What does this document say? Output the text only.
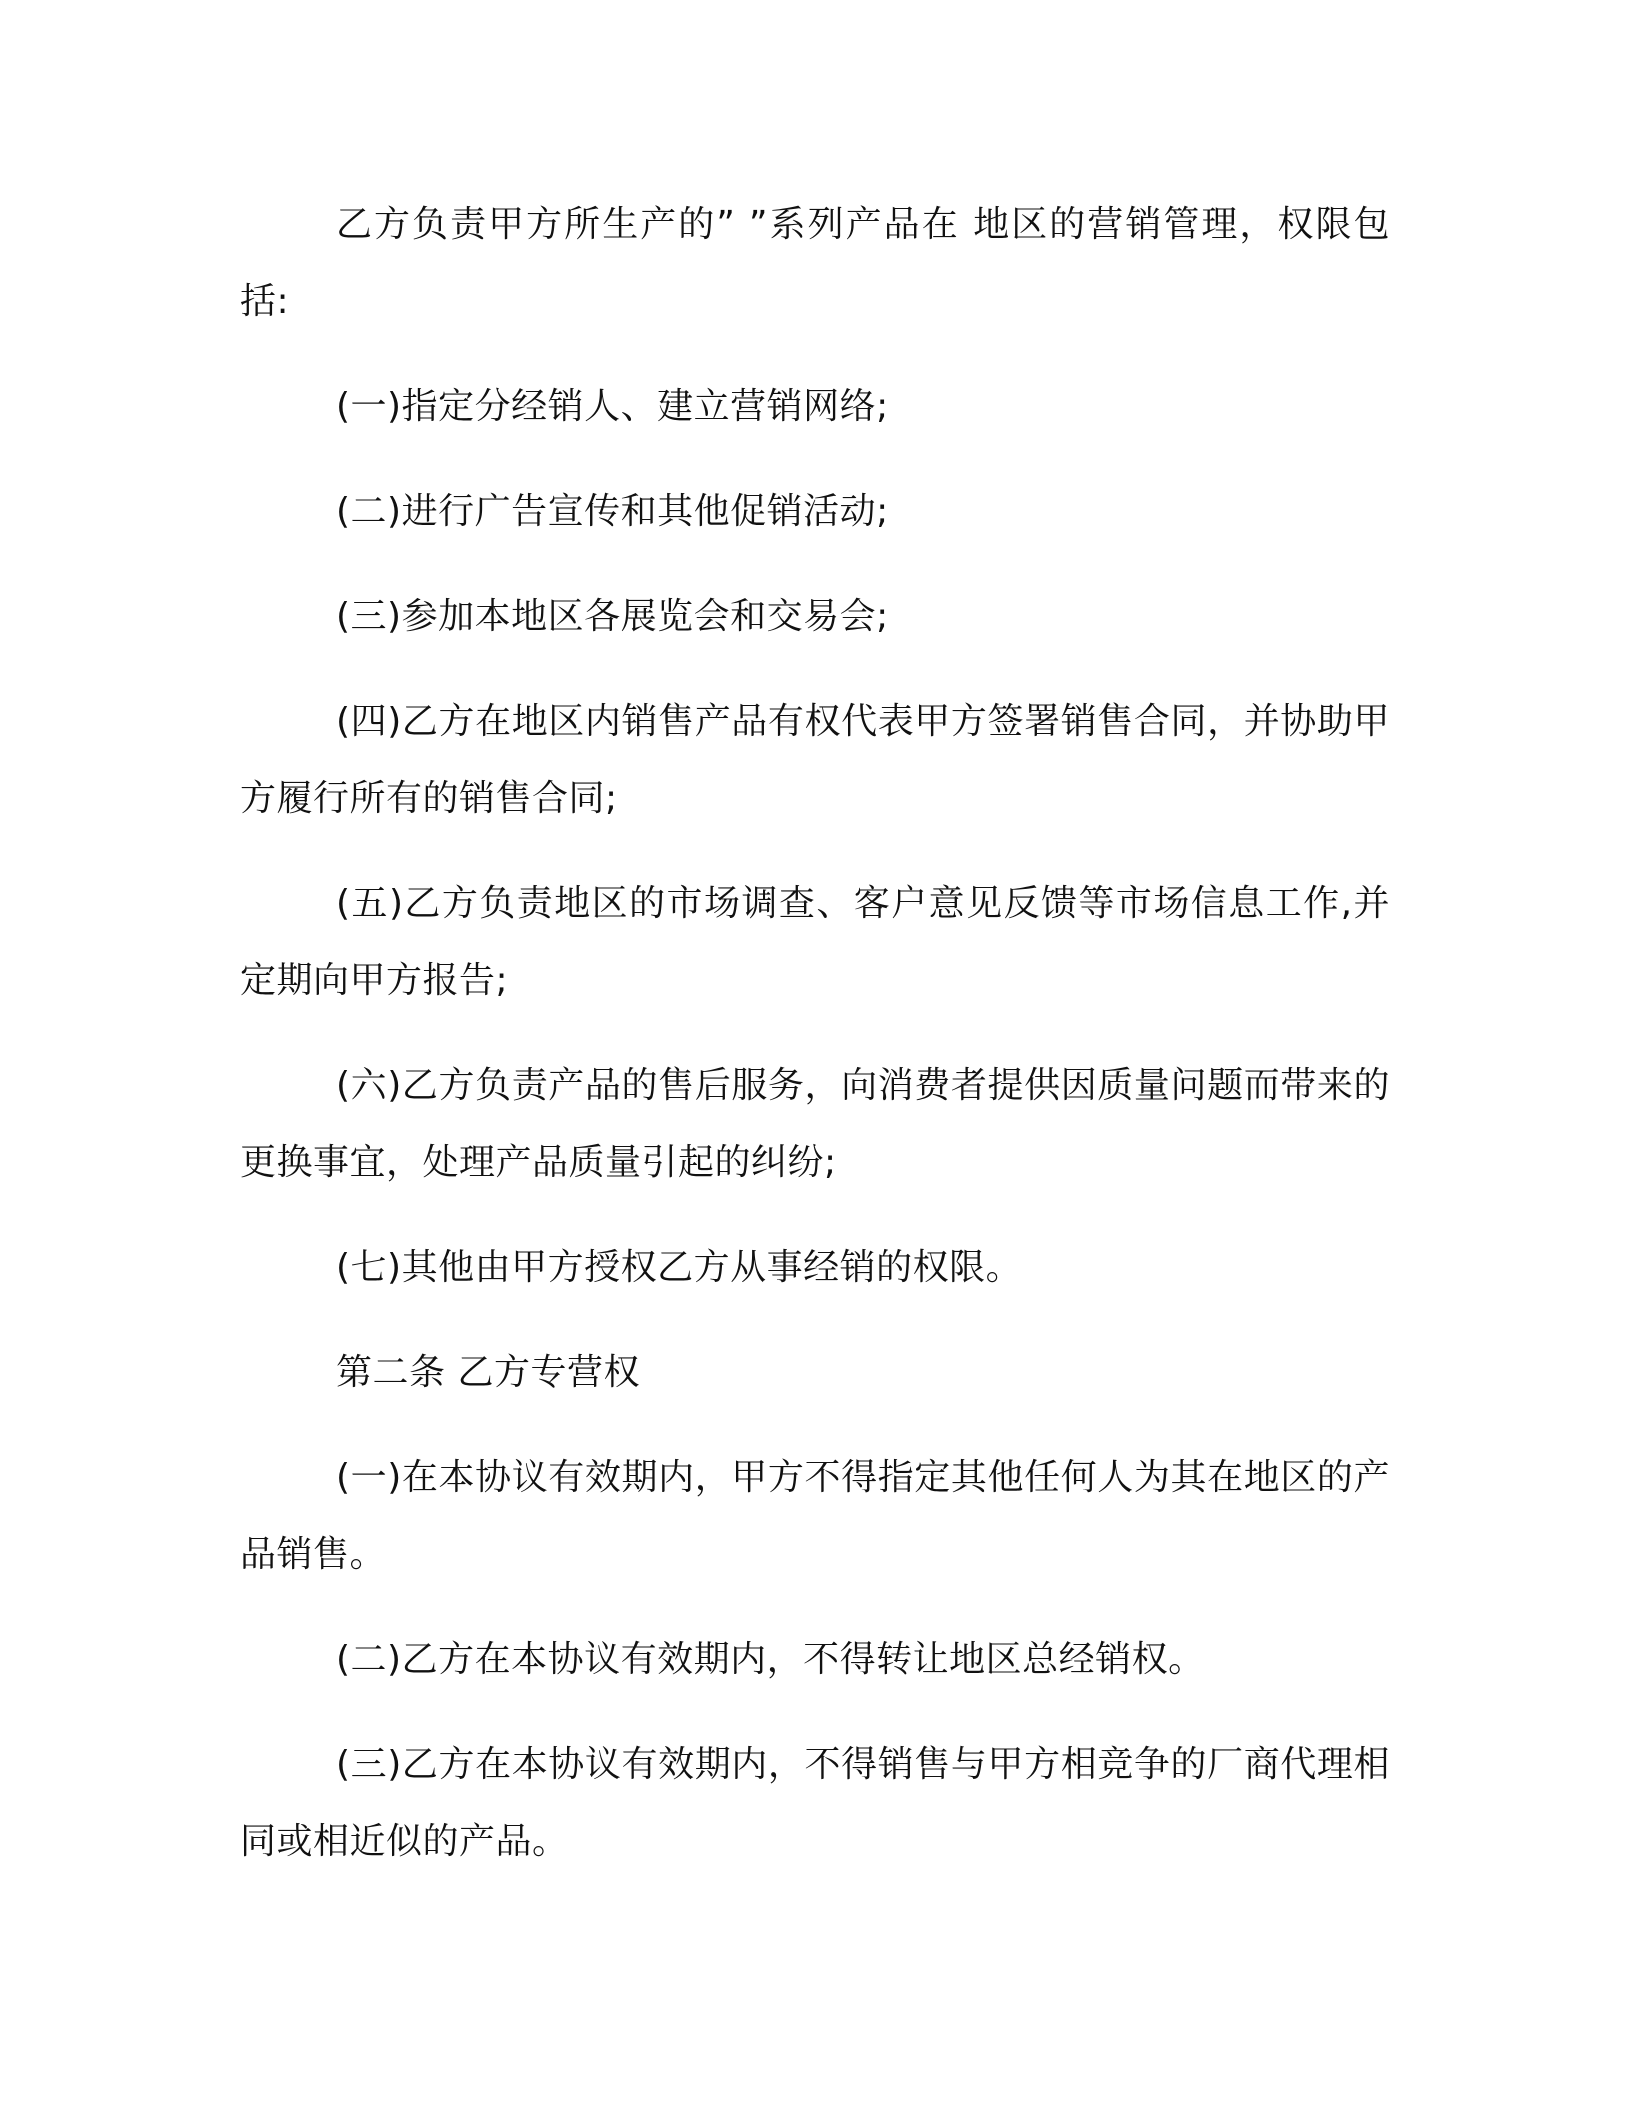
乙方负责甲方所生产的” ”系列产品在 地区的营销管理，权限包括:

(一)指定分经销人、建立营销网络;

(二)进行广告宣传和其他促销活动;

(三)参加本地区各展览会和交易会;

(四)乙方在地区内销售产品有权代表甲方签署销售合同，并协助甲方履行所有的销售合同;

(五)乙方负责地区的市场调查、客户意见反馈等市场信息工作,并定期向甲方报告;

(六)乙方负责产品的售后服务，向消费者提供因质量问题而带来的更换事宜，处理产品质量引起的纠纷;

(七)其他由甲方授权乙方从事经销的权限。

第二条 乙方专营权

(一)在本协议有效期内，甲方不得指定其他任何人为其在地区的产品销售。

(二)乙方在本协议有效期内，不得转让地区总经销权。

(三)乙方在本协议有效期内，不得销售与甲方相竞争的厂商代理相同或相近似的产品。
